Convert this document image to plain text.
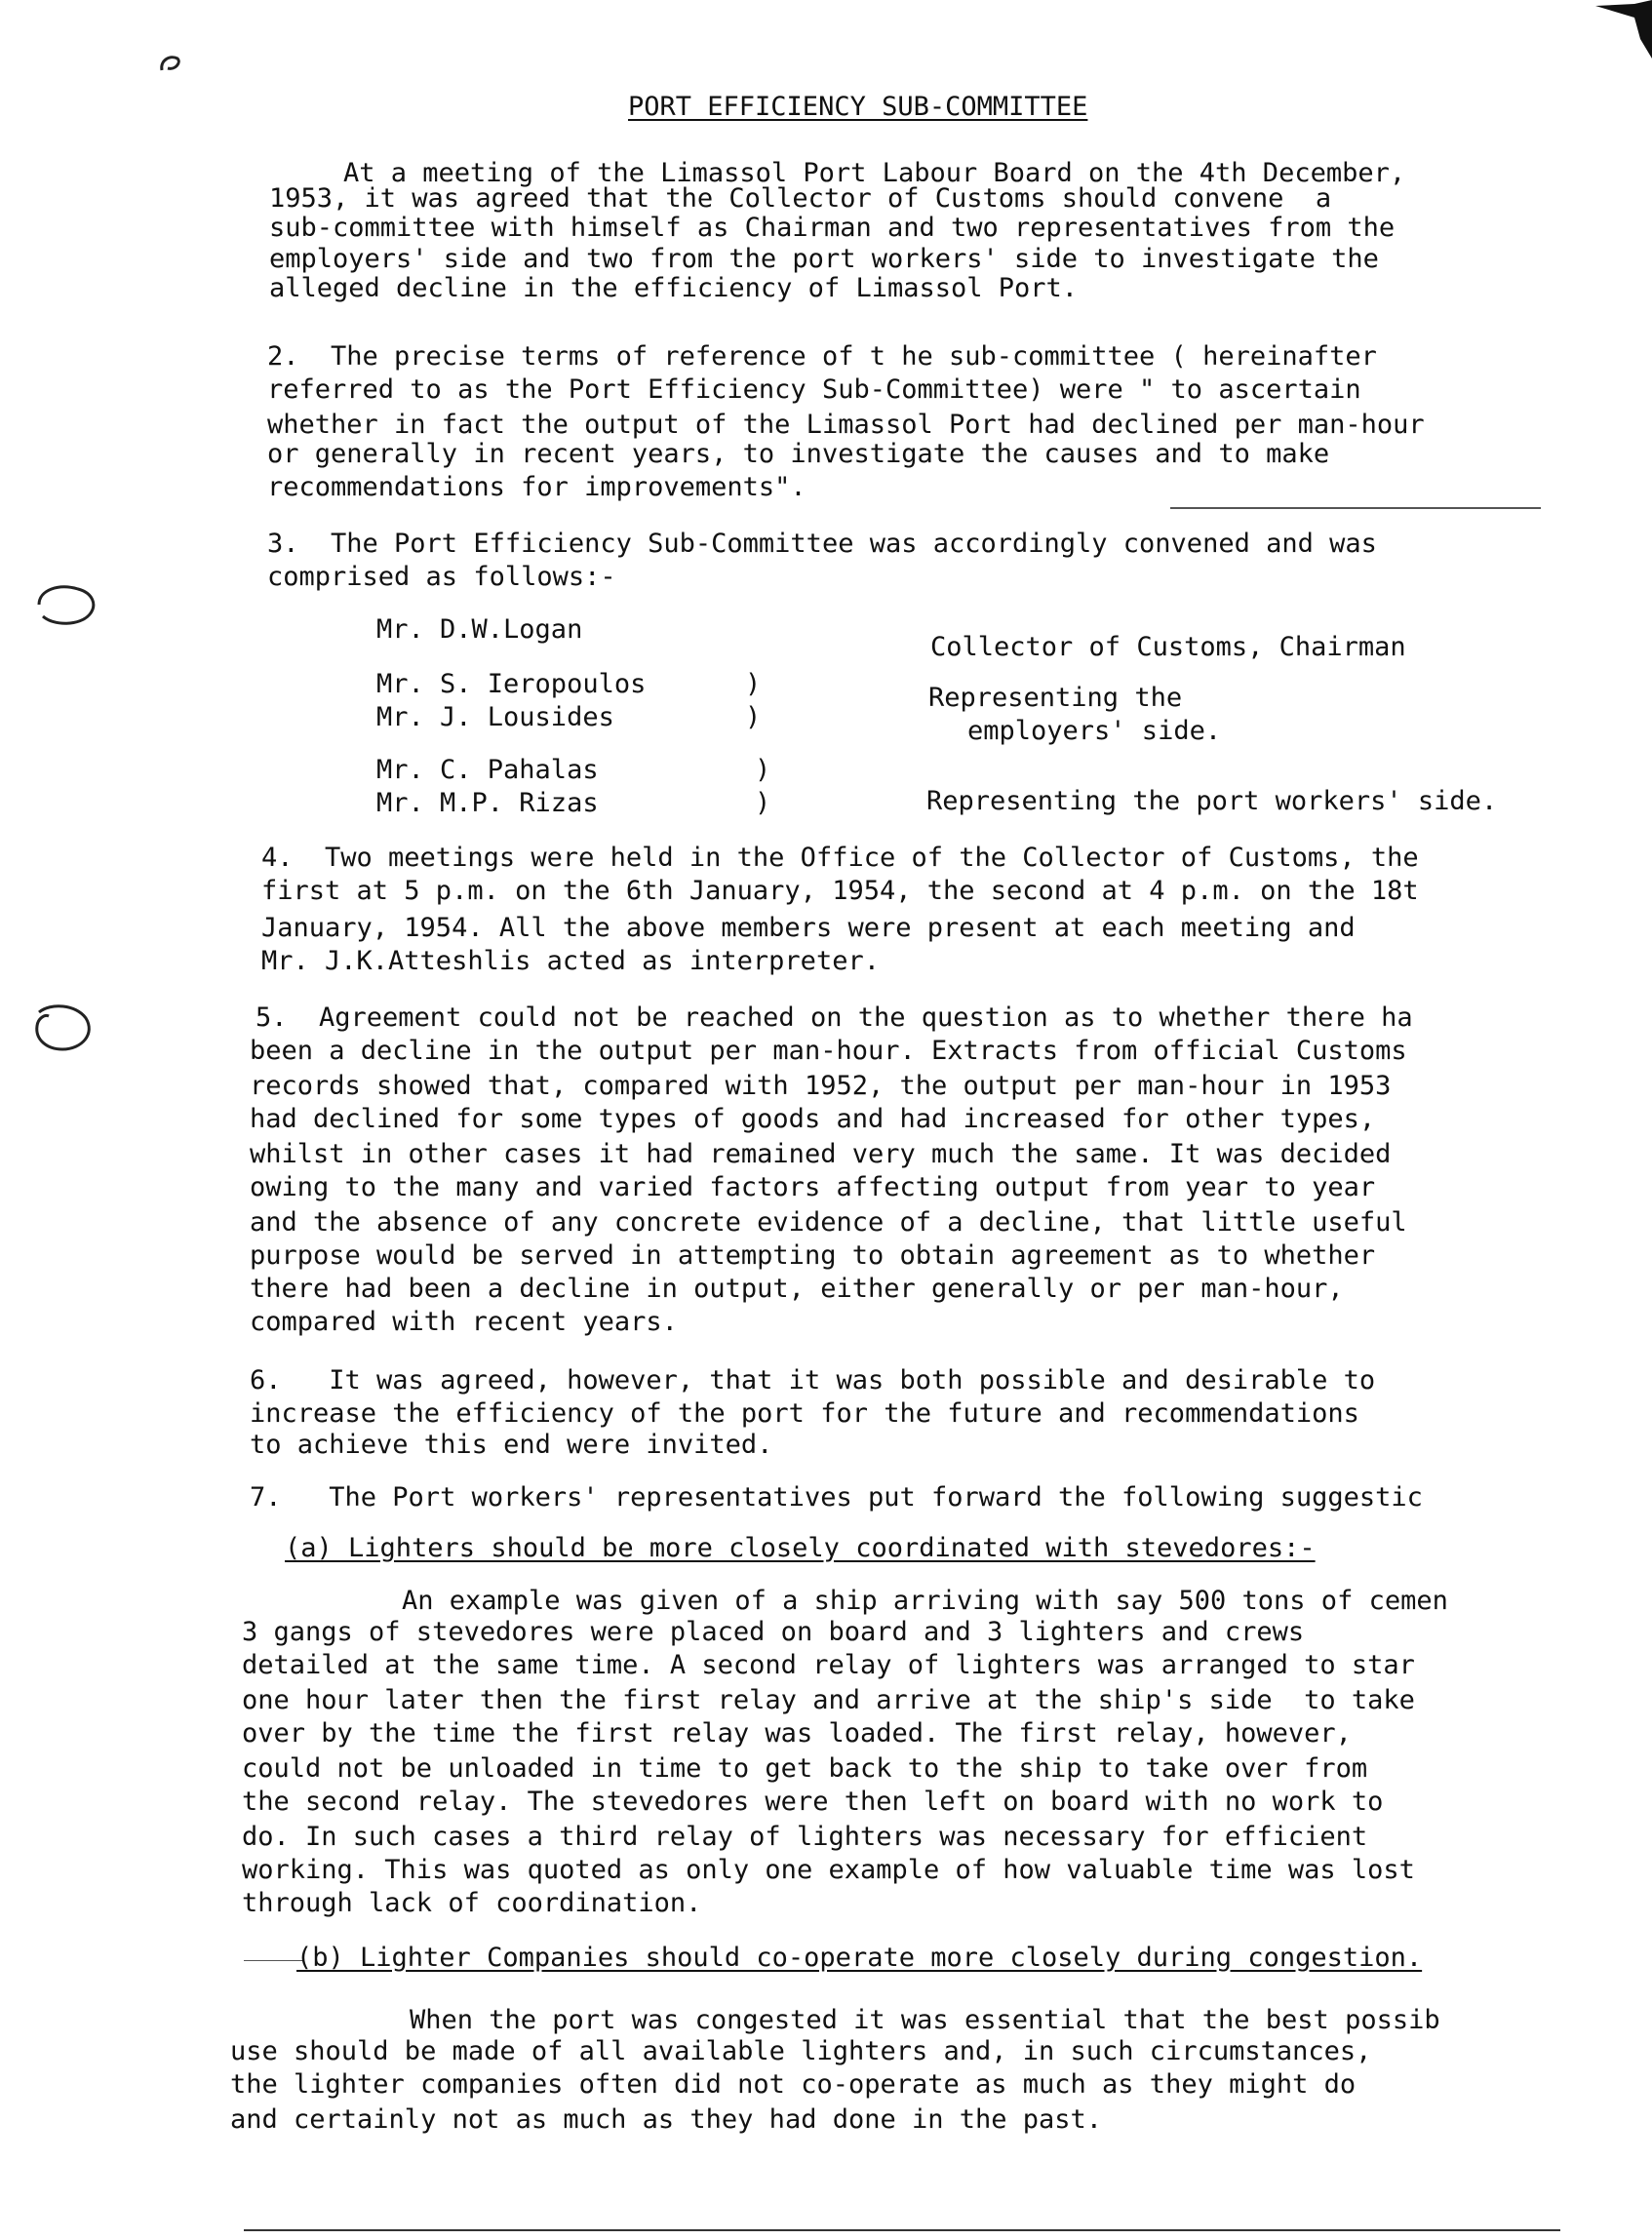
PORT EFFICIENCY SUB-COMMITTEE
At a meeting of the Limassol Port Labour Board on the 4th December,
1953, it was agreed that the Collector of Customs should convene  a
sub-committee with himself as Chairman and two representatives from the
employers' side and two from the port workers' side to investigate the
alleged decline in the efficiency of Limassol Port.
2.  The precise terms of reference of t he sub-committee ( hereinafter
referred to as the Port Efficiency Sub-Committee) were " to ascertain
whether in fact the output of the Limassol Port had declined per man-hour
or generally in recent years, to investigate the causes and to make
recommendations for improvements".
3.  The Port Efficiency Sub-Committee was accordingly convened and was
comprised as follows:-
Mr. D.W.Logan
Collector of Customs, Chairman
Mr. S. Ieropoulos	)	Representing the
Mr. J. Lousides	)	employers' side.
Mr. C. Pahalas	)
Mr. M.P. Rizas	)	Representing the port workers' side.
4.  Two meetings were held in the Office of the Collector of Customs, the
first at 5 p.m. on the 6th January, 1954, the second at 4 p.m. on the 18t
January, 1954. All the above members were present at each meeting and
Mr. J.K.Atteshlis acted as interpreter.
5.  Agreement could not be reached on the question as to whether there ha
been a decline in the output per man-hour. Extracts from official Customs
records showed that, compared with 1952, the output per man-hour in 1953
had declined for some types of goods and had increased for other types,
whilst in other cases it had remained very much the same. It was decided
owing to the many and varied factors affecting output from year to year
and the absence of any concrete evidence of a decline, that little useful
purpose would be served in attempting to obtain agreement as to whether
there had been a decline in output, either generally or per man-hour,
compared with recent years.
6.   It was agreed, however, that it was both possible and desirable to
increase the efficiency of the port for the future and recommendations
to achieve this end were invited.
7.   The Port workers' representatives put forward the following suggestic
(a) Lighters should be more closely coordinated with stevedores:-
An example was given of a ship arriving with say 500 tons of cemen
3 gangs of stevedores were placed on board and 3 lighters and crews
detailed at the same time. A second relay of lighters was arranged to star
one hour later then the first relay and arrive at the ship's side  to take
over by the time the first relay was loaded. The first relay, however,
could not be unloaded in time to get back to the ship to take over from
the second relay. The stevedores were then left on board with no work to
do. In such cases a third relay of lighters was necessary for efficient
working. This was quoted as only one example of how valuable time was lost
through lack of coordination.
(b) Lighter Companies should co-operate more closely during congestion.
When the port was congested it was essential that the best possib
use should be made of all available lighters and, in such circumstances,
the lighter companies often did not co-operate as much as they might do
and certainly not as much as they had done in the past.
